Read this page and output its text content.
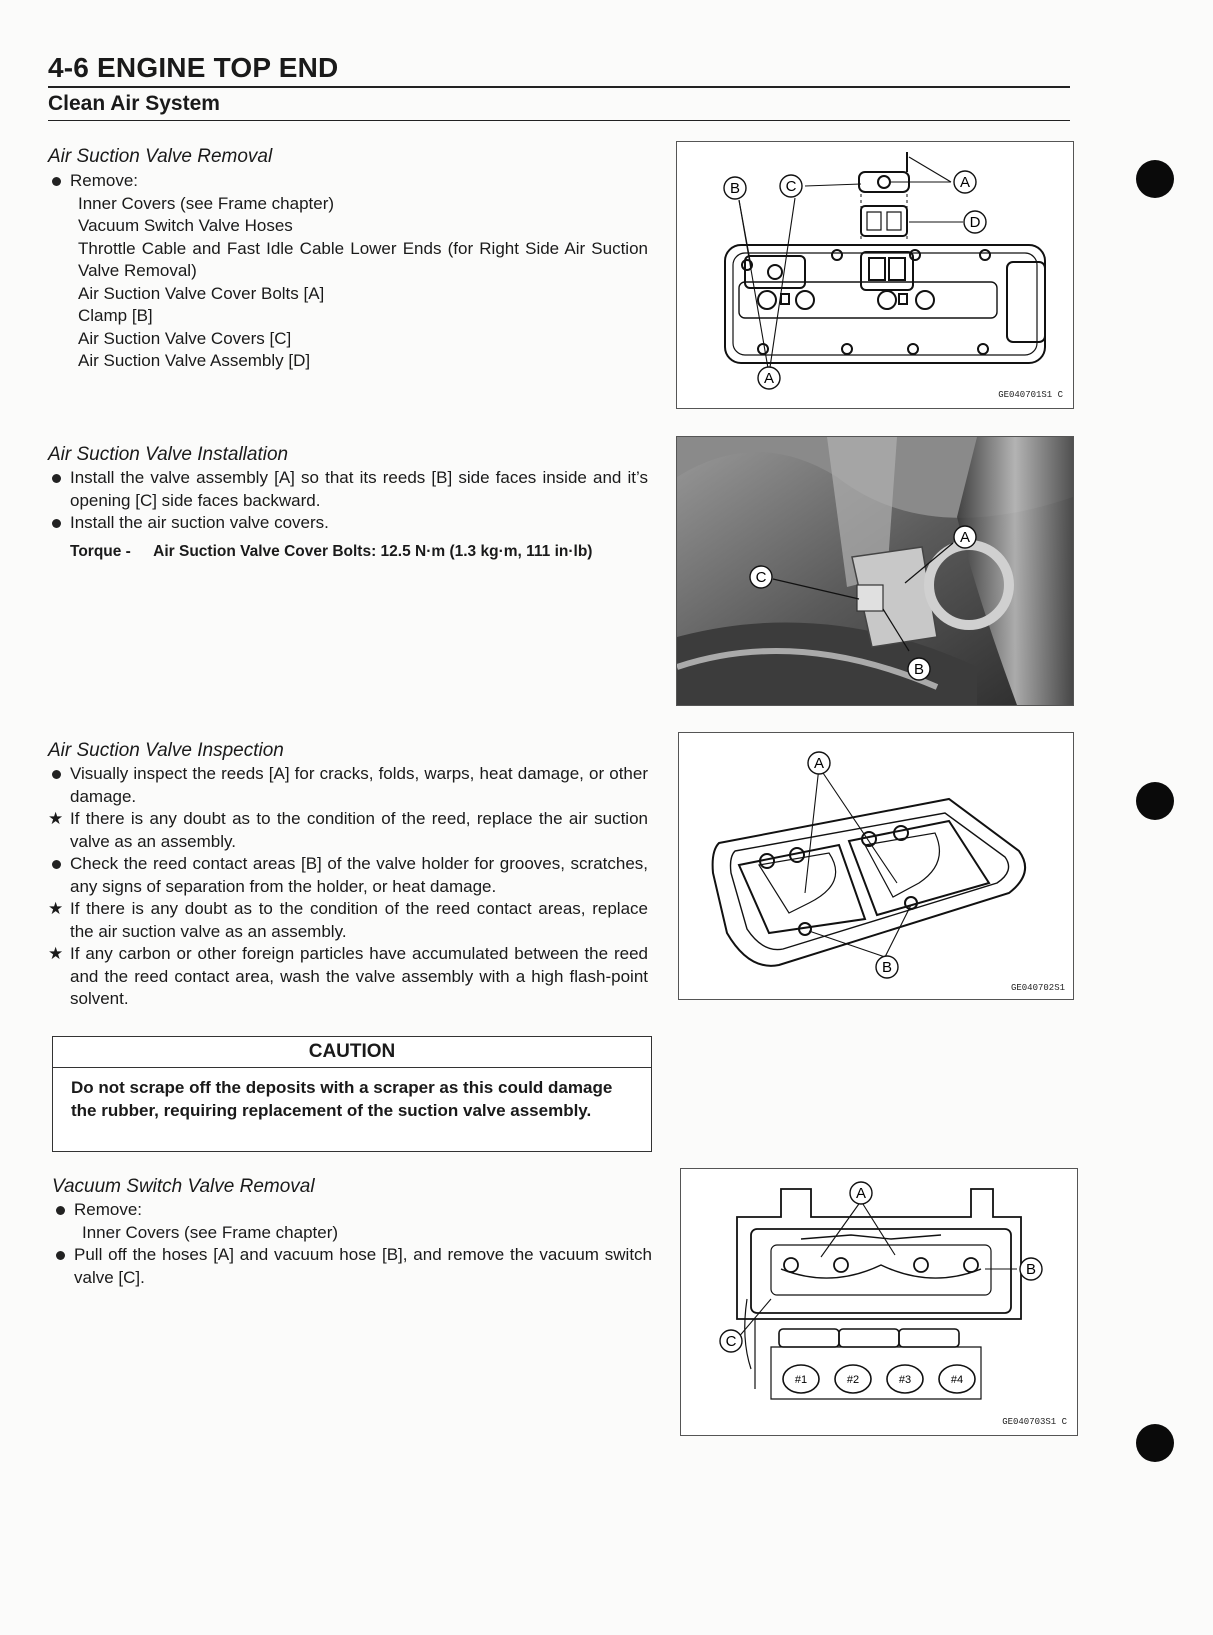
4-6 ENGINE TOP END
Clean Air System
Air Suction Valve Removal
Remove:
Inner Covers (see Frame chapter)
Vacuum Switch Valve Hoses
Throttle Cable and Fast Idle Cable Lower Ends (for Right Side Air Suction Valve Removal)
Air Suction Valve Cover Bolts [A]
Clamp [B]
Air Suction Valve Covers [C]
Air Suction Valve Assembly [D]
A
B	C
D
A
GE040701S1 C
Air Suction Valve Installation
Install the valve assembly [A] so that its reeds [B] side faces inside and it’s opening [C] side faces backward.
Install the air suction valve covers.
Torque - Air Suction Valve Cover Bolts: 12.5 N·m (1.3 kg·m, 111 in·lb)
A
C
B
Air Suction Valve Inspection
Visually inspect the reeds [A] for cracks, folds, warps, heat damage, or other damage.
★ If there is any doubt as to the condition of the reed, replace the air suction valve as an assembly.
Check the reed contact areas [B] of the valve holder for grooves, scratches, any signs of separation from the holder, or heat damage.
★ If there is any doubt as to the condition of the reed contact areas, replace the air suction valve as an assembly.
★ If any carbon or other foreign particles have accumulated between the reed and the reed contact area, wash the valve assembly with a high flash-point solvent.
A
B
GE040702S1
CAUTION
Do not scrape off the deposits with a scraper as this could damage the rubber, requiring replacement of the suction valve assembly.
Vacuum Switch Valve Removal
Remove:
Inner Covers (see Frame chapter)
Pull off the hoses [A] and vacuum hose [B], and remove the vacuum switch valve [C].
#1	#2	#3	#4
A
B
C
GE040703S1 C
